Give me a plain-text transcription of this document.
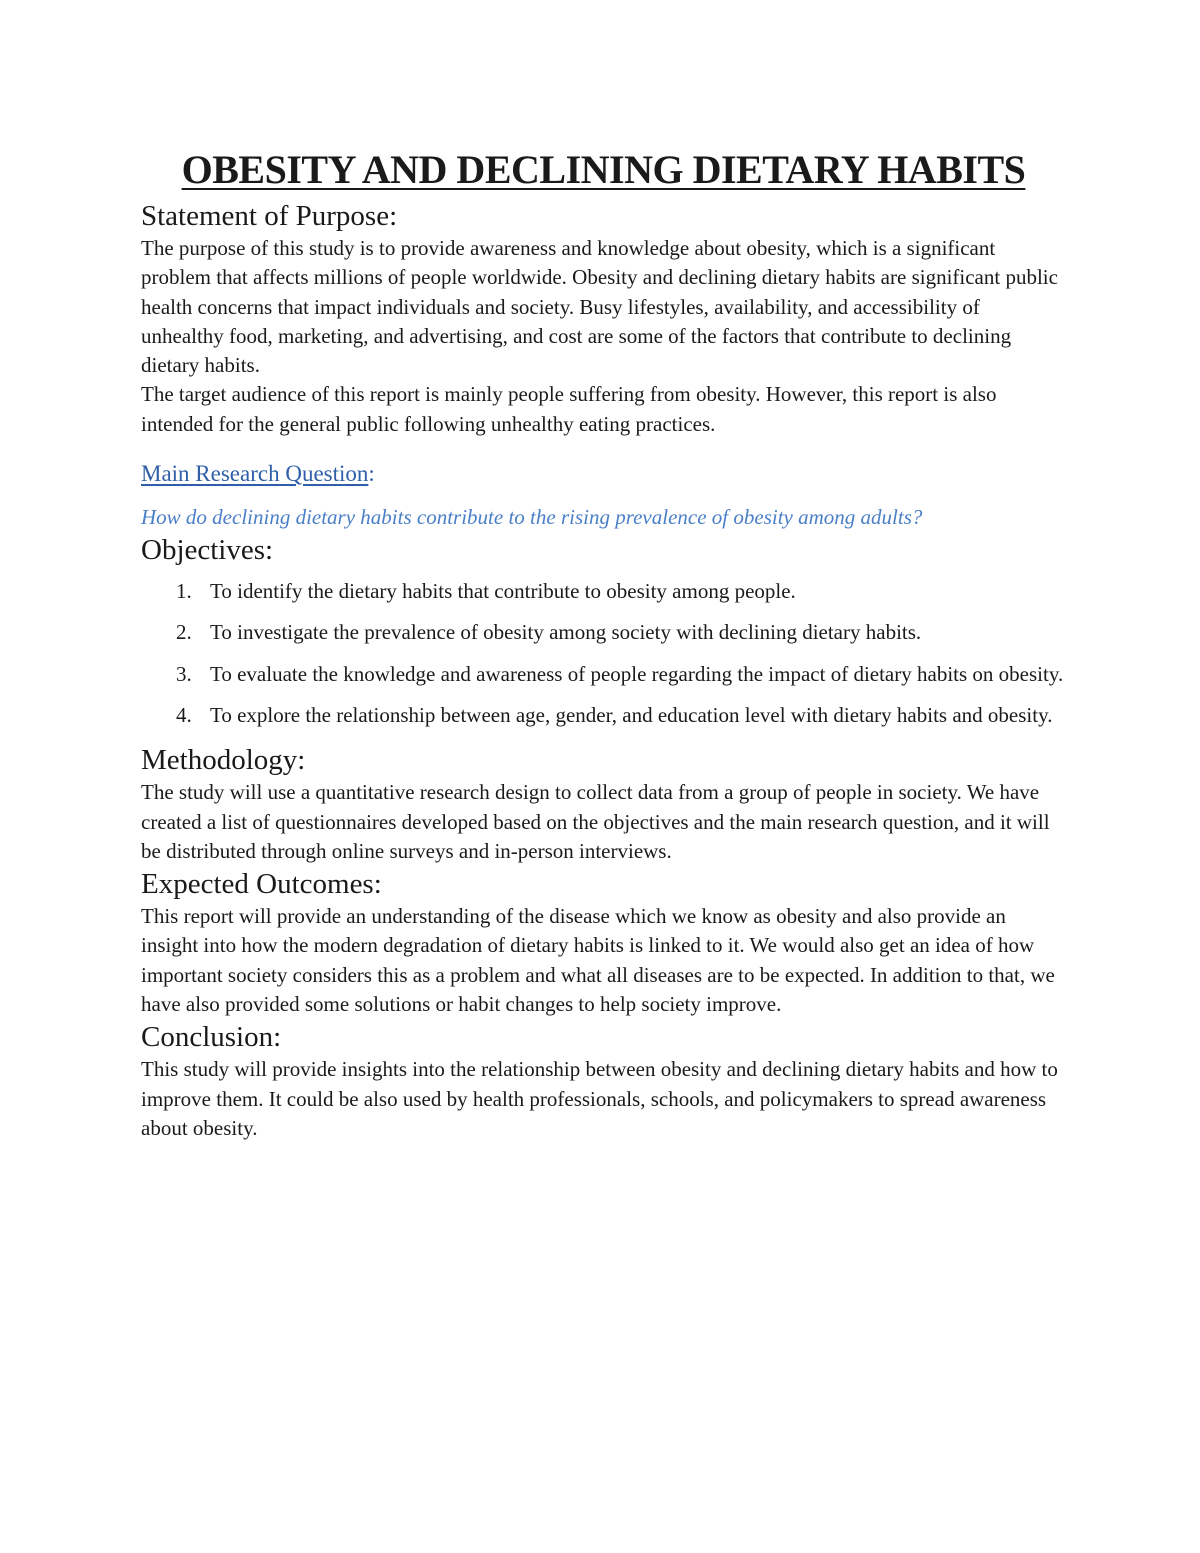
OBESITY AND DECLINING DIETARY HABITS
Statement of Purpose:

The purpose of this study is to provide awareness and knowledge about obesity, which is a significant problem that affects millions of people worldwide. Obesity and declining dietary habits are significant public health concerns that impact individuals and society. Busy lifestyles, availability, and accessibility of unhealthy food, marketing, and advertising, and cost are some of the factors that contribute to declining dietary habits.

The target audience of this report is mainly people suffering from obesity. However, this report is also intended for the general public following unhealthy eating practices.

Main Research Question:
How do declining dietary habits contribute to the rising prevalence of obesity among adults?
Objectives:
1. To identify the dietary habits that contribute to obesity among people.
2. To investigate the prevalence of obesity among society with declining dietary habits.
3. To evaluate the knowledge and awareness of people regarding the impact of dietary habits on obesity.
4. To explore the relationship between age, gender, and education level with dietary habits and obesity.
Methodology:

The study will use a quantitative research design to collect data from a group of people in society. We have created a list of questionnaires developed based on the objectives and the main research question, and it will be distributed through online surveys and in-person interviews.

Expected Outcomes:

This report will provide an understanding of the disease which we know as obesity and also provide an insight into how the modern degradation of dietary habits is linked to it. We would also get an idea of how important society considers this as a problem and what all diseases are to be expected. In addition to that, we have also provided some solutions or habit changes to help society improve.

Conclusion:

This study will provide insights into the relationship between obesity and declining dietary habits and how to improve them. It could be also used by health professionals, schools, and policymakers to spread awareness about obesity.
